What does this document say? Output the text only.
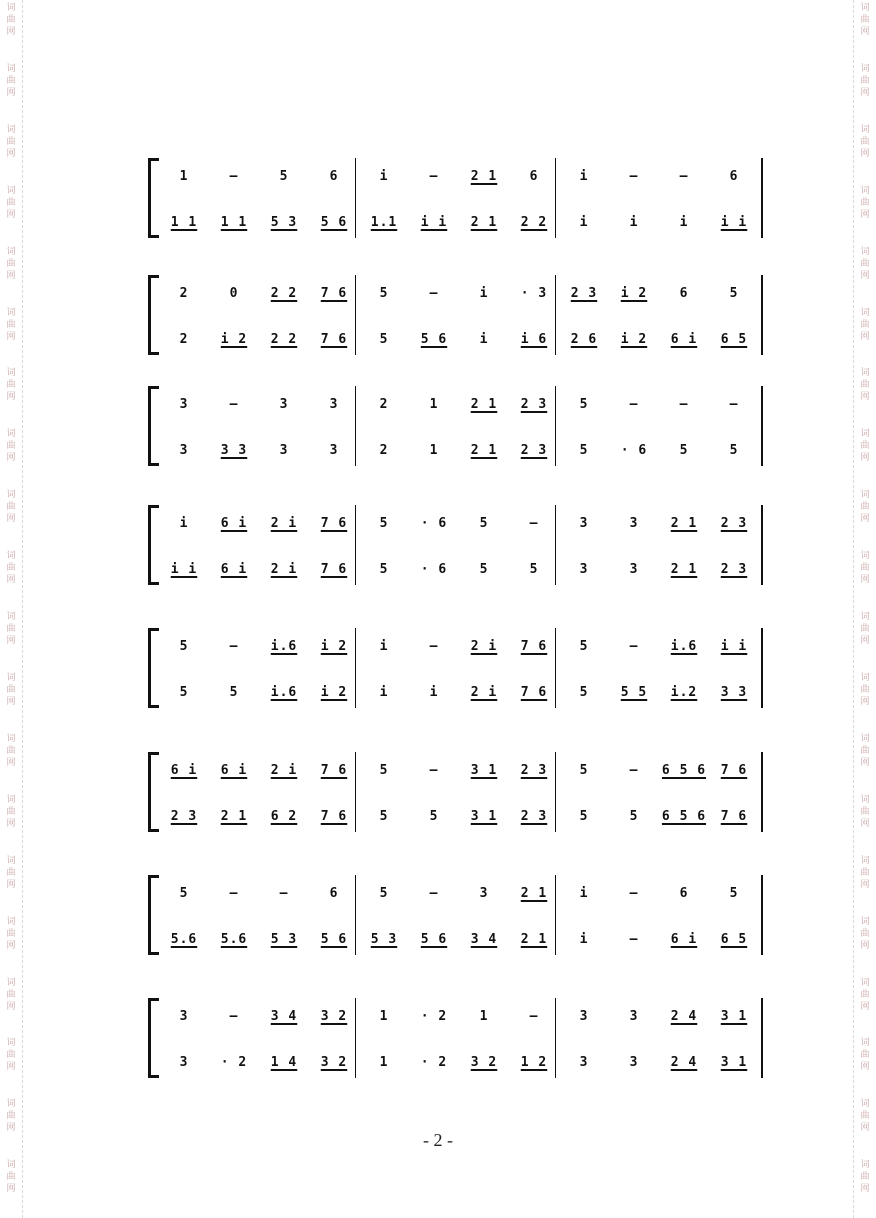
词
曲
网
词
曲
网
词
曲
网
词
曲
网
词
曲
网
词
曲
网
词
曲
网
词
曲
网
词
曲
网
词
曲
网
词
曲
网
词
曲
网
词
曲
网
词
曲
网
词
曲
网
词
曲
网
词
曲
网
词
曲
网
词
曲
网
词
曲
网
词
曲
网
词
曲
网
词
曲
网
词
曲
网
词
曲
网
词
曲
网
词
曲
网
词
曲
网
词
曲
网
词
曲
网
词
曲
网
词
曲
网
词
曲
网
词
曲
网
词
曲
网
词
曲
网
词
曲
网
词
曲
网
词
曲
网
词
曲
网
1	—	5	6	i	—	2 1	6	i	—	—	6
1 1	1 1	5 3	5 6	1.1	i i	2 1	2 2	i	i	i	i i
2	0	2 2	7 6	5	—	i	· 3	2 3	i 2	6	5
2	i 2	2 2	7 6	5	5 6	i	i 6	2 6	i 2	6 i	6 5
3	—	3	3	2	1	2 1	2 3	5	—	—	—
3	3 3	3	3	2	1	2 1	2 3	5	· 6	5	5
i	6 i	2 i	7 6	5	· 6	5	—	3	3	2 1	2 3
i i	6 i	2 i	7 6	5	· 6	5	5	3	3	2 1	2 3
5	—	i.6	i 2	i	—	2 i	7 6	5	—	i.6	i i
5	5	i.6	i 2	i	i	2 i	7 6	5	5 5	i.2	3 3
6 i	6 i	2 i	7 6	5	—	3 1	2 3	5	—	6 5 6	7 6
2 3	2 1	6 2	7 6	5	5	3 1	2 3	5	5	6 5 6	7 6
5	—	—	6	5	—	3	2 1	i	—	6	5
5.6	5.6	5 3	5 6	5 3	5 6	3 4	2 1	i	—	6 i	6 5
3	—	3 4	3 2	1	· 2	1	—	3	3	2 4	3 1
3	· 2	1 4	3 2	1	· 2	3 2	1 2	3	3	2 4	3 1
- 2 -
